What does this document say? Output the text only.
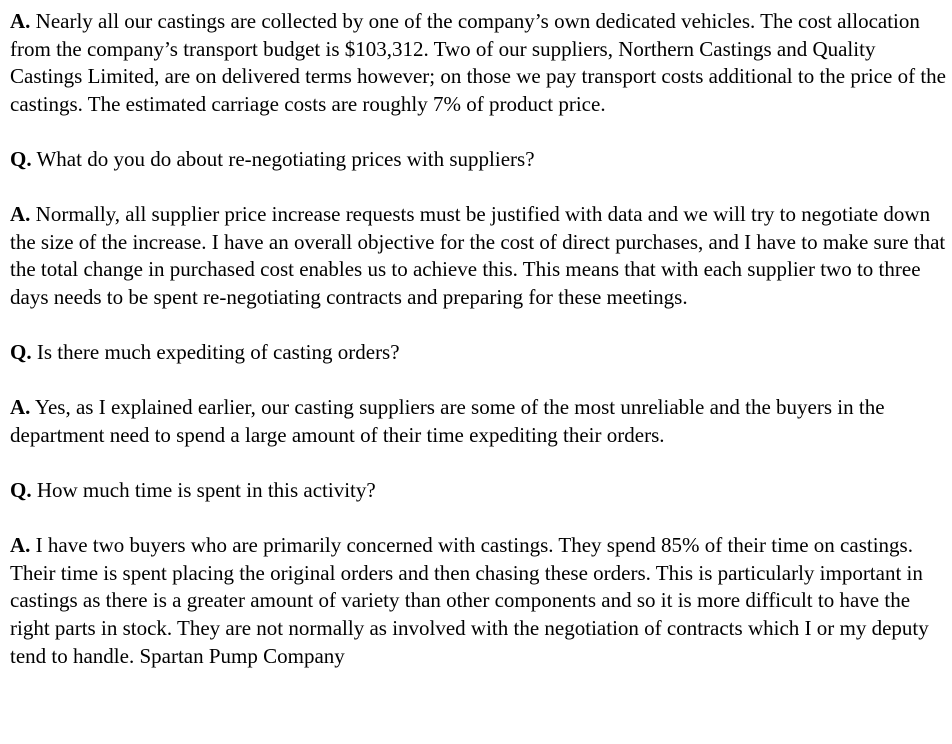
A. Nearly all our castings are collected by one of the company’s own dedicated vehicles. The cost allocation from the company’s transport budget is $103,312. Two of our suppliers, Northern Castings and Quality Castings Limited, are on delivered terms however; on those we pay transport costs additional to the price of the castings. The estimated carriage costs are roughly 7% of product price.

Q. What do you do about re-negotiating prices with suppliers?

A. Normally, all supplier price increase requests must be justified with data and we will try to negotiate down the size of the increase. I have an overall objective for the cost of direct purchases, and I have to make sure that the total change in purchased cost enables us to achieve this. This means that with each supplier two to three days needs to be spent re-negotiating contracts and preparing for these meetings.

Q. Is there much expediting of casting orders?

A. Yes, as I explained earlier, our casting suppliers are some of the most unreliable and the buyers in the department need to spend a large amount of their time expediting their orders.

Q. How much time is spent in this activity?

A. I have two buyers who are primarily concerned with castings. They spend 85% of their time on castings. Their time is spent placing the original orders and then chasing these orders. This is particularly important in castings as there is a greater amount of variety than other components and so it is more difficult to have the right parts in stock. They are not normally as involved with the negotiation of contracts which I or my deputy tend to handle. Spartan Pump Company
